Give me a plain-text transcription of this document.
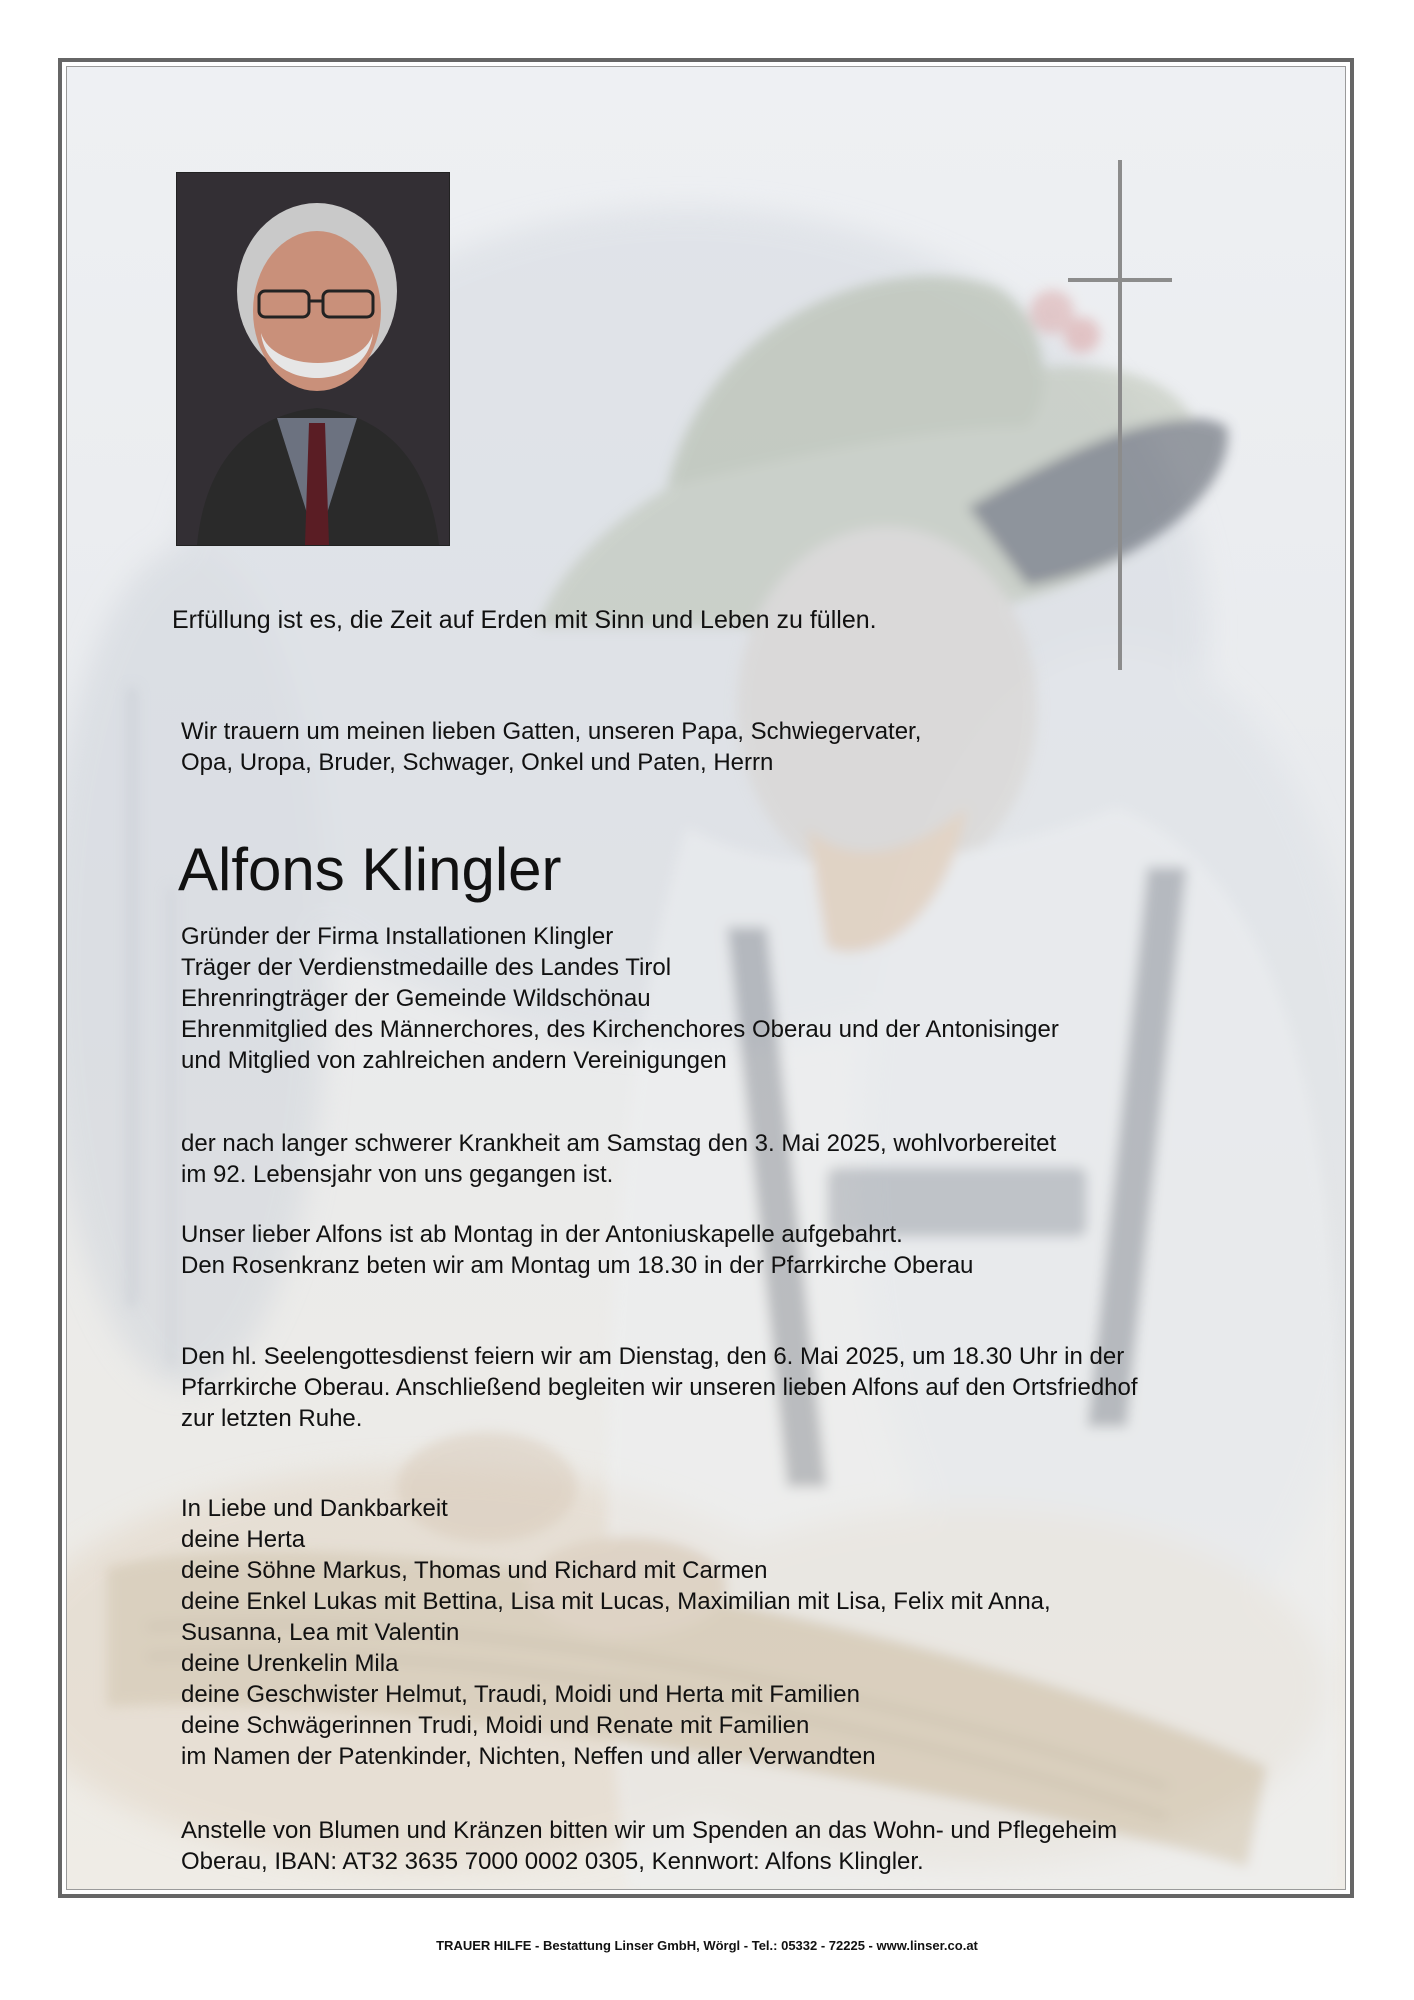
Erfüllung ist es, die Zeit auf Erden mit Sinn und Leben zu füllen.
Wir trauern um meinen lieben Gatten, unseren Papa, Schwiegervater,
Opa, Uropa, Bruder, Schwager, Onkel und Paten, Herrn
Alfons Klingler
Gründer der Firma Installationen Klingler
Träger der Verdienstmedaille des Landes Tirol
Ehrenringträger der Gemeinde Wildschönau
Ehrenmitglied des Männerchores, des Kirchenchores Oberau und der Antonisinger
und Mitglied von zahlreichen andern Vereinigungen
der nach langer schwerer Krankheit am Samstag den 3. Mai 2025, wohlvorbereitet
im 92. Lebensjahr von uns gegangen ist.
Unser lieber Alfons ist ab Montag in der Antoniuskapelle aufgebahrt.
Den Rosenkranz beten wir am Montag um 18.30 in der Pfarrkirche Oberau
Den hl. Seelengottesdienst feiern wir am Dienstag, den 6. Mai 2025, um 18.30 Uhr in der
Pfarrkirche Oberau. Anschließend begleiten wir unseren lieben Alfons auf den Ortsfriedhof
zur letzten Ruhe.
In Liebe und Dankbarkeit
deine Herta
deine Söhne Markus, Thomas und Richard mit Carmen
deine Enkel Lukas mit Bettina, Lisa mit Lucas, Maximilian mit Lisa, Felix mit Anna,
Susanna, Lea mit Valentin
deine Urenkelin Mila
deine Geschwister Helmut, Traudi, Moidi und Herta mit Familien
deine Schwägerinnen Trudi, Moidi und Renate mit Familien
im Namen der Patenkinder, Nichten, Neffen und aller Verwandten
Anstelle von Blumen und Kränzen bitten wir um Spenden an das Wohn- und Pflegeheim
Oberau, IBAN: AT32 3635 7000 0002 0305, Kennwort: Alfons Klingler.
TRAUER HILFE - Bestattung Linser GmbH, Wörgl - Tel.: 05332 - 72225 - www.linser.co.at
